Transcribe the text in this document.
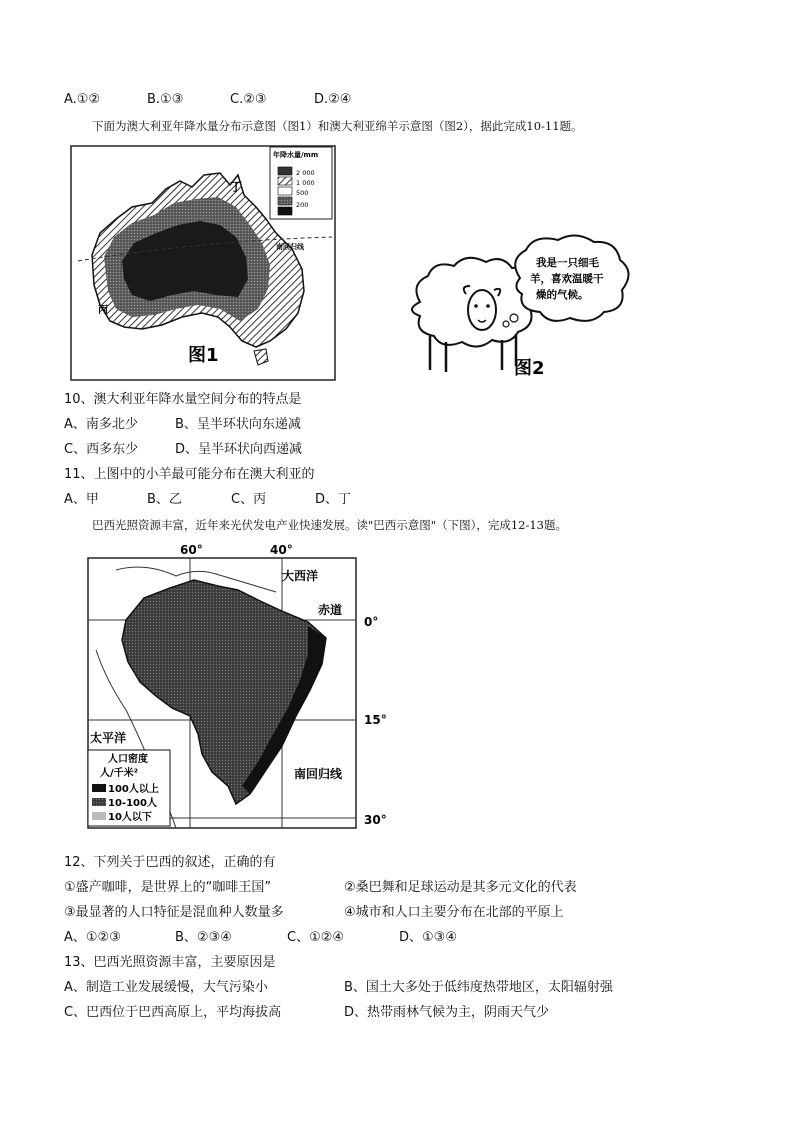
A.①②	B.①③	C.②③	D.②④
下面为澳大利亚年降水量分布示意图（图1）和澳大利亚绵羊示意图（图2），据此完成10-11题。
年降水量/mm
2 000
1 000
500
200
丁
南回归线
丙
图1
我是一只细毛
羊，喜欢温暖干
燥的气候。
图2
10、澳大利亚年降水量空间分布的特点是
A、南多北少	B、呈半环状向东递减
C、西多东少	D、呈半环状向西递减
11、上图中的小羊最可能分布在澳大利亚的
A、甲	B、乙	C、丙	D、丁
巴西光照资源丰富，近年来光伏发电产业快速发展。读"巴西示意图"（下图），完成12-13题。
60°	40°
大西洋
赤道
0°
15°
南回归线
30°
太平洋
人口密度
人/千米²
100人以上
10-100人
10人以下
12、下列关于巴西的叙述，正确的有
①盛产咖啡，是世界上的“咖啡王国”	②桑巴舞和足球运动是其多元文化的代表
③最显著的人口特征是混血种人数量多	④城市和人口主要分布在北部的平原上
A、①②③	B、②③④	C、①②④	D、①③④
13、巴西光照资源丰富，主要原因是
A、制造工业发展缓慢，大气污染小	B、国土大多处于低纬度热带地区，太阳辐射强
C、巴西位于巴西高原上，平均海拔高	D、热带雨林气候为主，阴雨天气少
